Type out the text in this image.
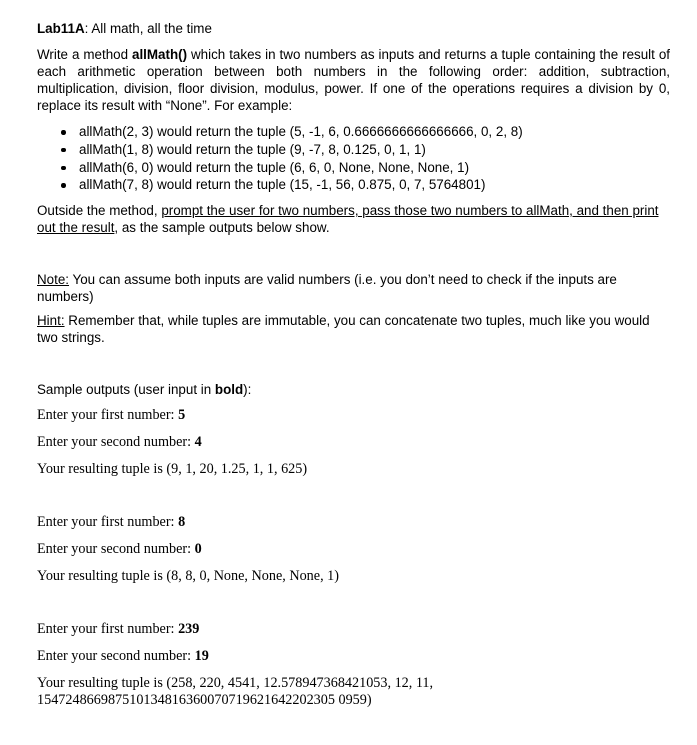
Lab11A: All math, all the time

Write a method allMath() which takes in two numbers as inputs and returns a tuple containing the result of each arithmetic operation between both numbers in the following order: addition, subtraction, multiplication, division, floor division, modulus, power. If one of the operations requires a division by 0, replace its result with “None”. For example:

allMath(2, 3) would return the tuple (5, -1, 6, 0.6666666666666666, 0, 2, 8)
allMath(1, 8) would return the tuple (9, -7, 8, 0.125, 0, 1, 1)
allMath(6, 0) would return the tuple (6, 6, 0, None, None, None, 1)
allMath(7, 8) would return the tuple (15, -1, 56, 0.875, 0, 7, 5764801)

Outside the method, prompt the user for two numbers, pass those two numbers to allMath, and then print out the result, as the sample outputs below show.

Note: You can assume both inputs are valid numbers (i.e. you don’t need to check if the inputs are numbers)

Hint: Remember that, while tuples are immutable, you can concatenate two tuples, much like you would two strings.

Sample outputs (user input in bold):

Enter your first number: 5

Enter your second number: 4

Your resulting tuple is (9, 1, 20, 1.25, 1, 1, 625)

Enter your first number: 8

Enter your second number: 0

Your resulting tuple is (8, 8, 0, None, None, None, 1)

Enter your first number: 239

Enter your second number: 19

Your resulting tuple is (258, 220, 4541, 12.578947368421053, 12, 11,

154724866987510134816360070719621642202305 0959)
